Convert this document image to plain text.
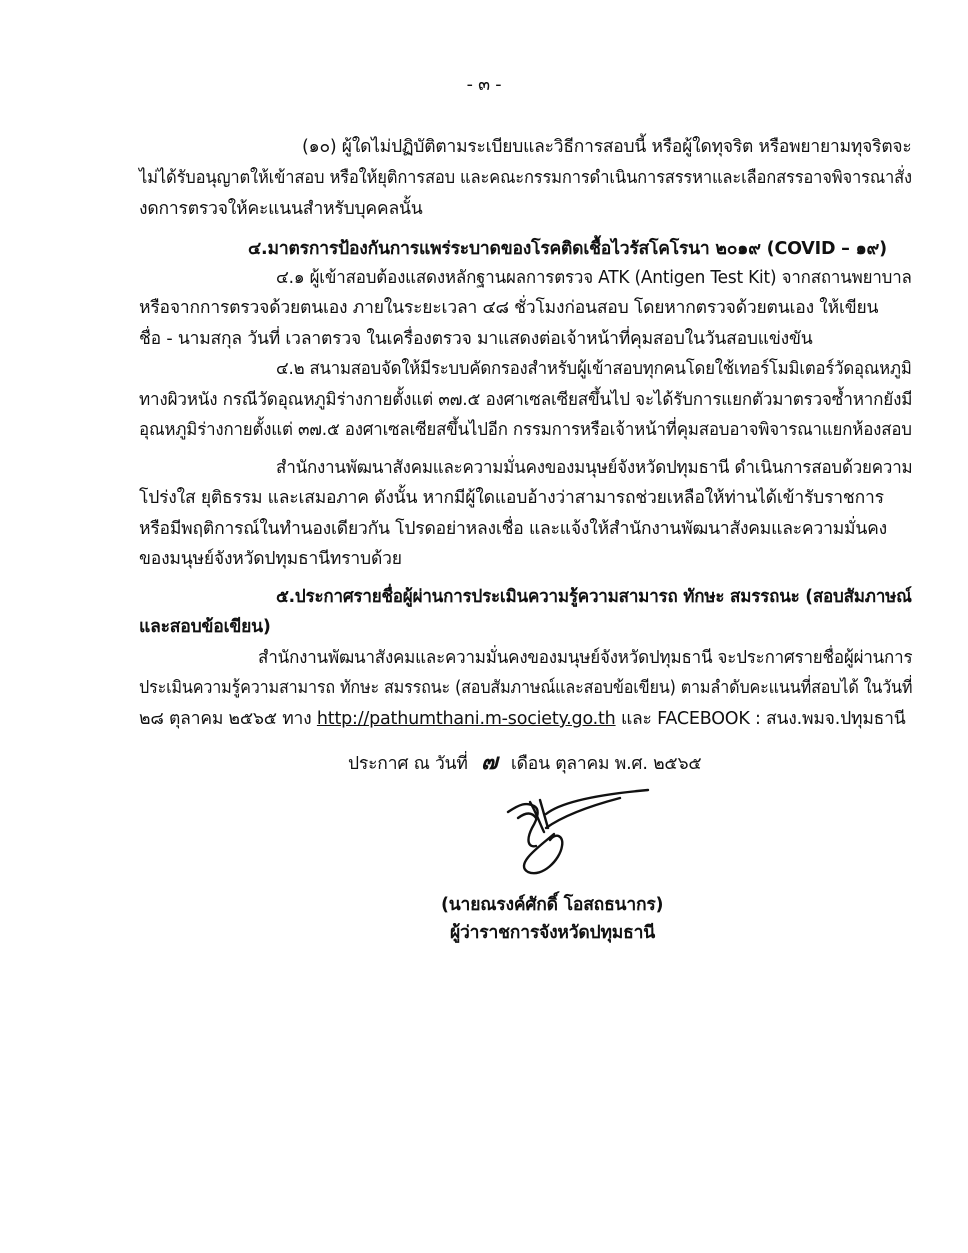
- ๓ -
(๑๐) ผู้ใดไม่ปฏิบัติตามระเบียบและวิธีการสอบนี้ หรือผู้ใดทุจริต หรือพยายามทุจริตจะ
ไม่ได้รับอนุญาตให้เข้าสอบ หรือให้ยุติการสอบ และคณะกรรมการดำเนินการสรรหาและเลือกสรรอาจพิจารณาสั่ง
งดการตรวจให้คะแนนสำหรับบุคคลนั้น
๔.มาตรการป้องกันการแพร่ระบาดของโรคติดเชื้อไวรัสโคโรนา ๒๐๑๙ (COVID – ๑๙)
๔.๑ ผู้เข้าสอบต้องแสดงหลักฐานผลการตรวจ ATK (Antigen Test Kit) จากสถานพยาบาล
หรือจากการตรวจด้วยตนเอง ภายในระยะเวลา ๔๘ ชั่วโมงก่อนสอบ โดยหากตรวจด้วยตนเอง ให้เขียน
ชื่อ - นามสกุล วันที่ เวลาตรวจ ในเครื่องตรวจ มาแสดงต่อเจ้าหน้าที่คุมสอบในวันสอบแข่งขัน
๔.๒ สนามสอบจัดให้มีระบบคัดกรองสำหรับผู้เข้าสอบทุกคนโดยใช้เทอร์โมมิเตอร์วัดอุณหภูมิ
ทางผิวหนัง กรณีวัดอุณหภูมิร่างกายตั้งแต่ ๓๗.๕ องศาเซลเซียสขึ้นไป จะได้รับการแยกตัวมาตรวจซ้ำหากยังมี
อุณหภูมิร่างกายตั้งแต่ ๓๗.๕ องศาเซลเซียสขึ้นไปอีก กรรมการหรือเจ้าหน้าที่คุมสอบอาจพิจารณาแยกห้องสอบ
สำนักงานพัฒนาสังคมและความมั่นคงของมนุษย์จังหวัดปทุมธานี ดำเนินการสอบด้วยความ
โปร่งใส ยุติธรรม และเสมอภาค ดังนั้น หากมีผู้ใดแอบอ้างว่าสามารถช่วยเหลือให้ท่านได้เข้ารับราชการ
หรือมีพฤติการณ์ในทำนองเดียวกัน โปรดอย่าหลงเชื่อ และแจ้งให้สำนักงานพัฒนาสังคมและความมั่นคง
ของมนุษย์จังหวัดปทุมธานีทราบด้วย
๕.ประกาศรายชื่อผู้ผ่านการประเมินความรู้ความสามารถ ทักษะ สมรรถนะ (สอบสัมภาษณ์
และสอบข้อเขียน)
สำนักงานพัฒนาสังคมและความมั่นคงของมนุษย์จังหวัดปทุมธานี จะประกาศรายชื่อผู้ผ่านการ
ประเมินความรู้ความสามารถ ทักษะ สมรรถนะ (สอบสัมภาษณ์และสอบข้อเขียน) ตามลำดับคะแนนที่สอบได้ ในวันที่
๒๘ ตุลาคม ๒๕๖๕ ทาง http://pathumthani.m-society.go.th และ FACEBOOK : สนง.พมจ.ปทุมธานี
ประกาศ ณ วันที่ ๗ เดือน ตุลาคม พ.ศ. ๒๕๖๕
(นายณรงค์ศักดิ์ โอสถธนากร)
ผู้ว่าราชการจังหวัดปทุมธานี
